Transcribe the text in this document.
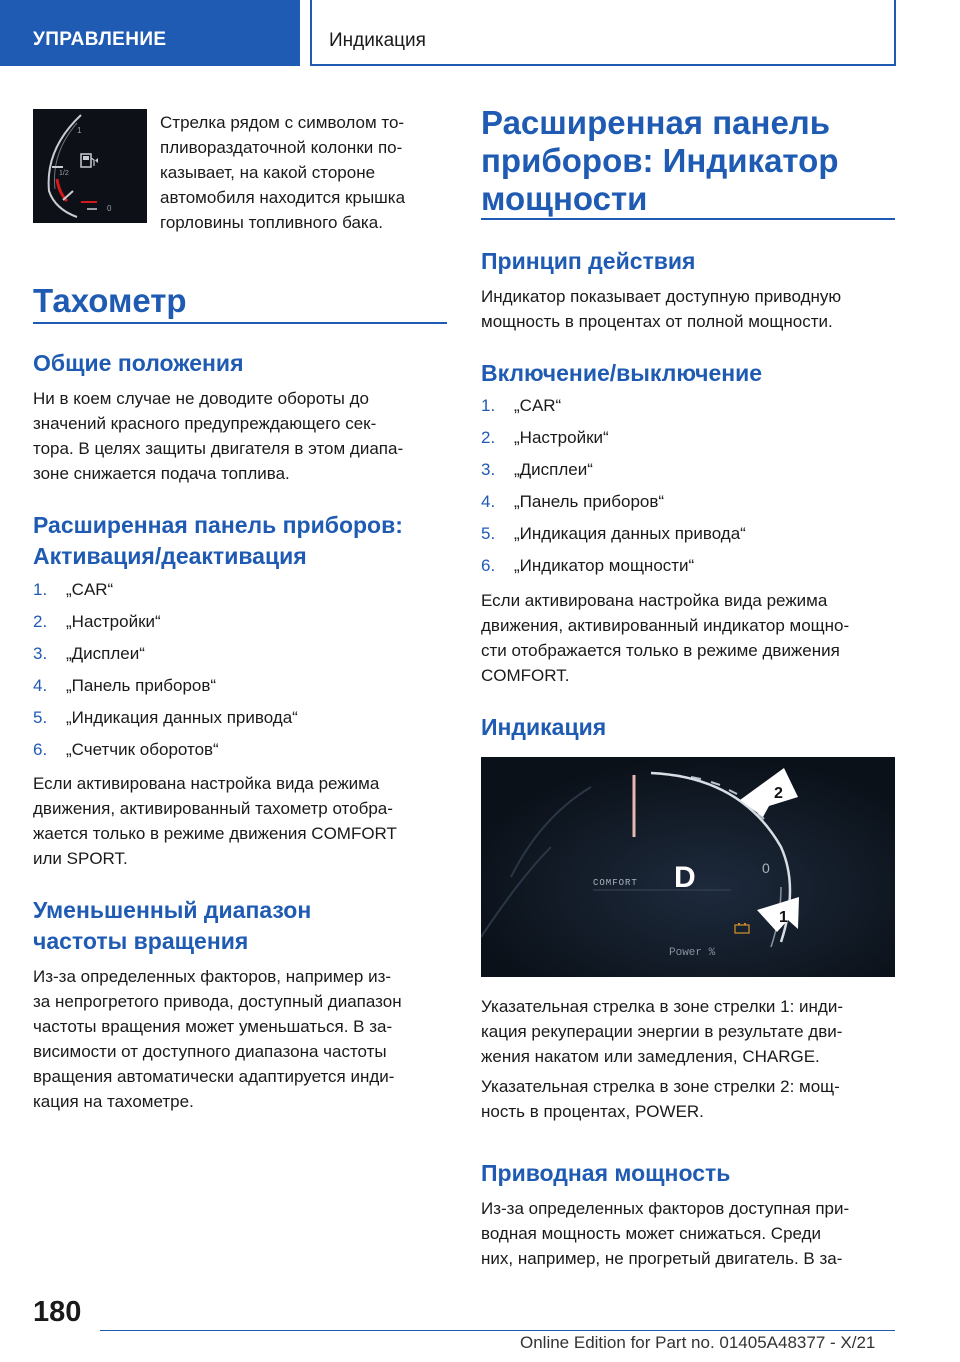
УПРАВЛЕНИЕ	Индикация
1
1/2
0
Стрелка рядом с символом то-
пливораздаточной колонки по-
казывает, на какой стороне
автомобиля находится крышка
горловины топливного бака.
Тахометр
Общие положения
Ни в коем случае не доводите обороты до
значений красного предупреждающего сек-
тора. В целях защиты двигателя в этом диапа-
зоне снижается подача топлива.
Расширенная панель приборов:
Активация/деактивация
1.	„CAR“
2.	„Настройки“
3.	„Дисплеи“
4.	„Панель приборов“
5.	„Индикация данных привода“
6.	„Счетчик оборотов“
Если активирована настройка вида режима
движения, активированный тахометр отобра-
жается только в режиме движения COMFORT
или SPORT.
Уменьшенный диапазон
частоты вращения
Из-за определенных факторов, например из-
за непрогретого привода, доступный диапазон
частоты вращения может уменьшаться. В за-
висимости от доступного диапазона частоты
вращения автоматически адаптируется инди-
кация на тахометре.
Расширенная панель
приборов: Индикатор
мощности
Принцип действия
Индикатор показывает доступную приводную
мощность в процентах от полной мощности.
Включение/выключение
1.	„CAR“
2.	„Настройки“
3.	„Дисплеи“
4.	„Панель приборов“
5.	„Индикация данных привода“
6.	„Индикатор мощности“
Если активирована настройка вида режима
движения, активированный индикатор мощно-
сти отображается только в режиме движения
COMFORT.
Индикация
0
COMFORT D
Power %
2
1
Указательная стрелка в зоне стрелки 1: инди-
кация рекуперации энергии в результате дви-
жения накатом или замедления, CHARGE.
Указательная стрелка в зоне стрелки 2: мощ-
ность в процентах, POWER.
Приводная мощность
Из-за определенных факторов доступная при-
водная мощность может снижаться. Среди
них, например, не прогретый двигатель. В за-
180
Online Edition for Part no. 01405A48377 - X/21
